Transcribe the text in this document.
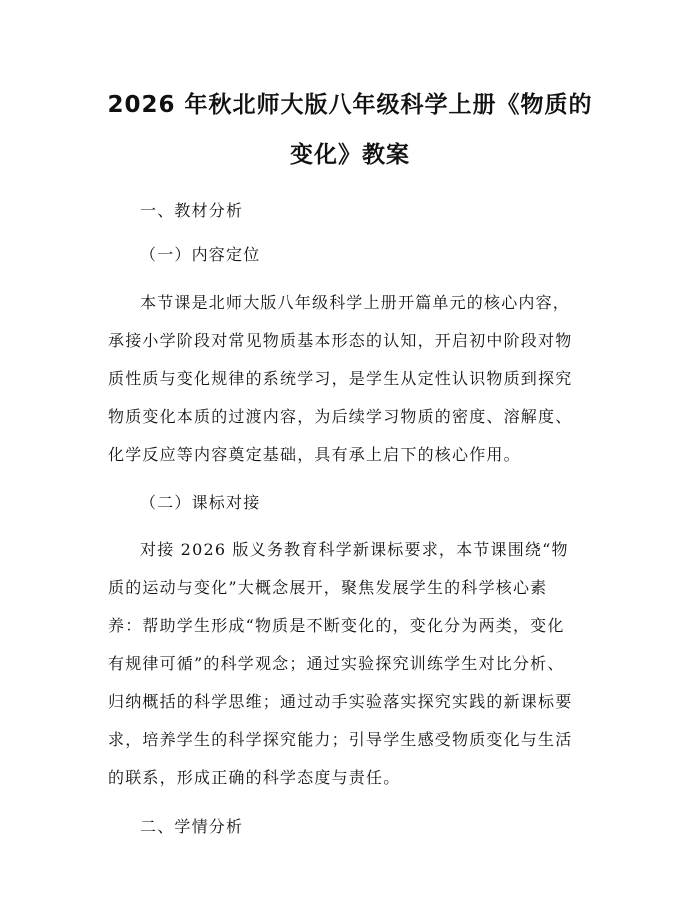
2026 年秋北师大版八年级科学上册《物质的
变化》教案
一、教材分析
（一）内容定位
本节课是北师大版八年级科学上册开篇单元的核心内容，
承接小学阶段对常见物质基本形态的认知，开启初中阶段对物
质性质与变化规律的系统学习，是学生从定性认识物质到探究
物质变化本质的过渡内容，为后续学习物质的密度、溶解度、
化学反应等内容奠定基础，具有承上启下的核心作用。
（二）课标对接
对接 2026 版义务教育科学新课标要求，本节课围绕“物
质的运动与变化”大概念展开，聚焦发展学生的科学核心素
养：帮助学生形成“物质是不断变化的，变化分为两类，变化
有规律可循”的科学观念；通过实验探究训练学生对比分析、
归纳概括的科学思维；通过动手实验落实探究实践的新课标要
求，培养学生的科学探究能力；引导学生感受物质变化与生活
的联系，形成正确的科学态度与责任。
二、学情分析
